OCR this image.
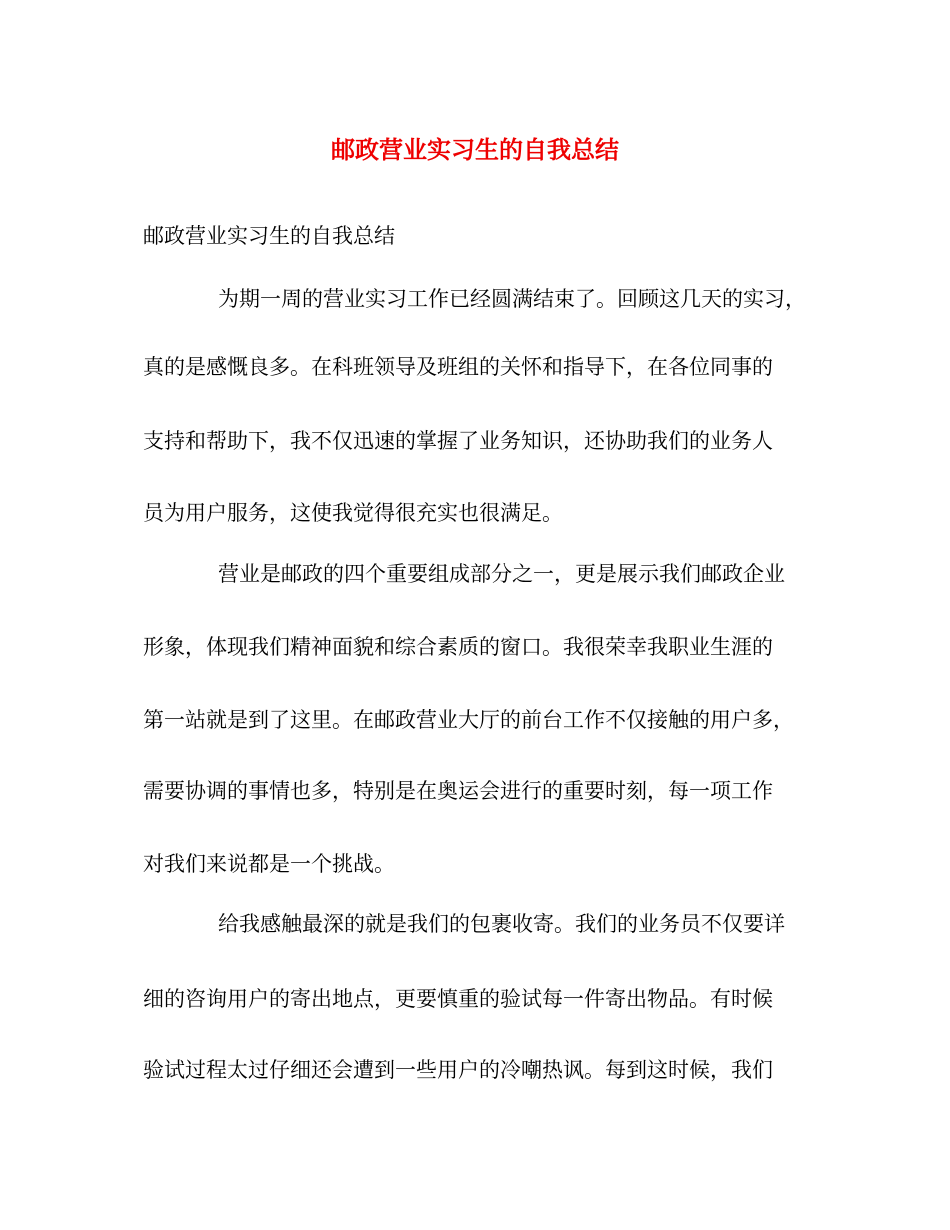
邮政营业实习生的自我总结

邮政营业实习生的自我总结

为期一周的营业实习工作已经圆满结束了。回顾这几天的实习，

真的是感慨良多。在科班领导及班组的关怀和指导下，在各位同事的

支持和帮助下，我不仅迅速的掌握了业务知识，还协助我们的业务人

员为用户服务，这使我觉得很充实也很满足。

营业是邮政的四个重要组成部分之一，更是展示我们邮政企业

形象，体现我们精神面貌和综合素质的窗口。我很荣幸我职业生涯的

第一站就是到了这里。在邮政营业大厅的前台工作不仅接触的用户多，

需要协调的事情也多，特别是在奥运会进行的重要时刻，每一项工作

对我们来说都是一个挑战。

给我感触最深的就是我们的包裹收寄。我们的业务员不仅要详

细的咨询用户的寄出地点，更要慎重的验试每一件寄出物品。有时候

验试过程太过仔细还会遭到一些用户的冷嘲热讽。每到这时候，我们
